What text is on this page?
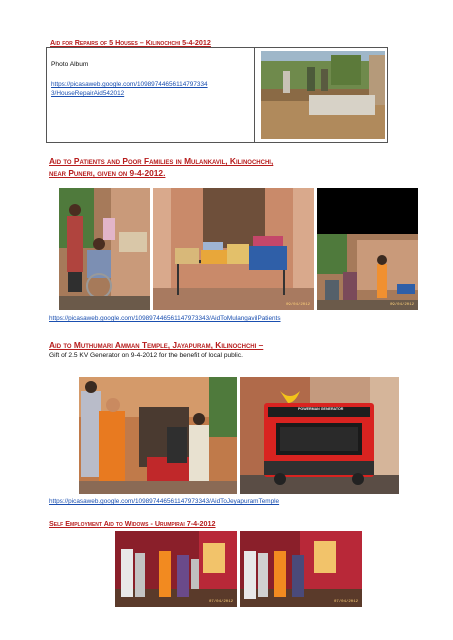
Aid for Repairs of 5 Houses – Kilinochchi 5-4-2012
Photo Album
https://picasaweb.google.com/10989744656114797334
3/HouseRepairAid542012
Aid to Patients and Poor Families in Mulankavil, Kilinochchi,
near Puneri, given on 9-4-2012.
09/04/2012	09/04/2012
https://picasaweb.google.com/109897446561147973343/AidToMulangavilPatients
Aid to Muthumari Amman Temple, Jayapuram, Kilinochchi –
Gift of 2.5 KV Generator on 9-4-2012 for the benefit of local public.
POWERMAN GENERATOR
https://picasaweb.google.com/109897446561147973343/AidToJeyapuramTemple
Self Employment Aid to Widows - Urumpirai 7-4-2012
07/04/2012	07/04/2012
